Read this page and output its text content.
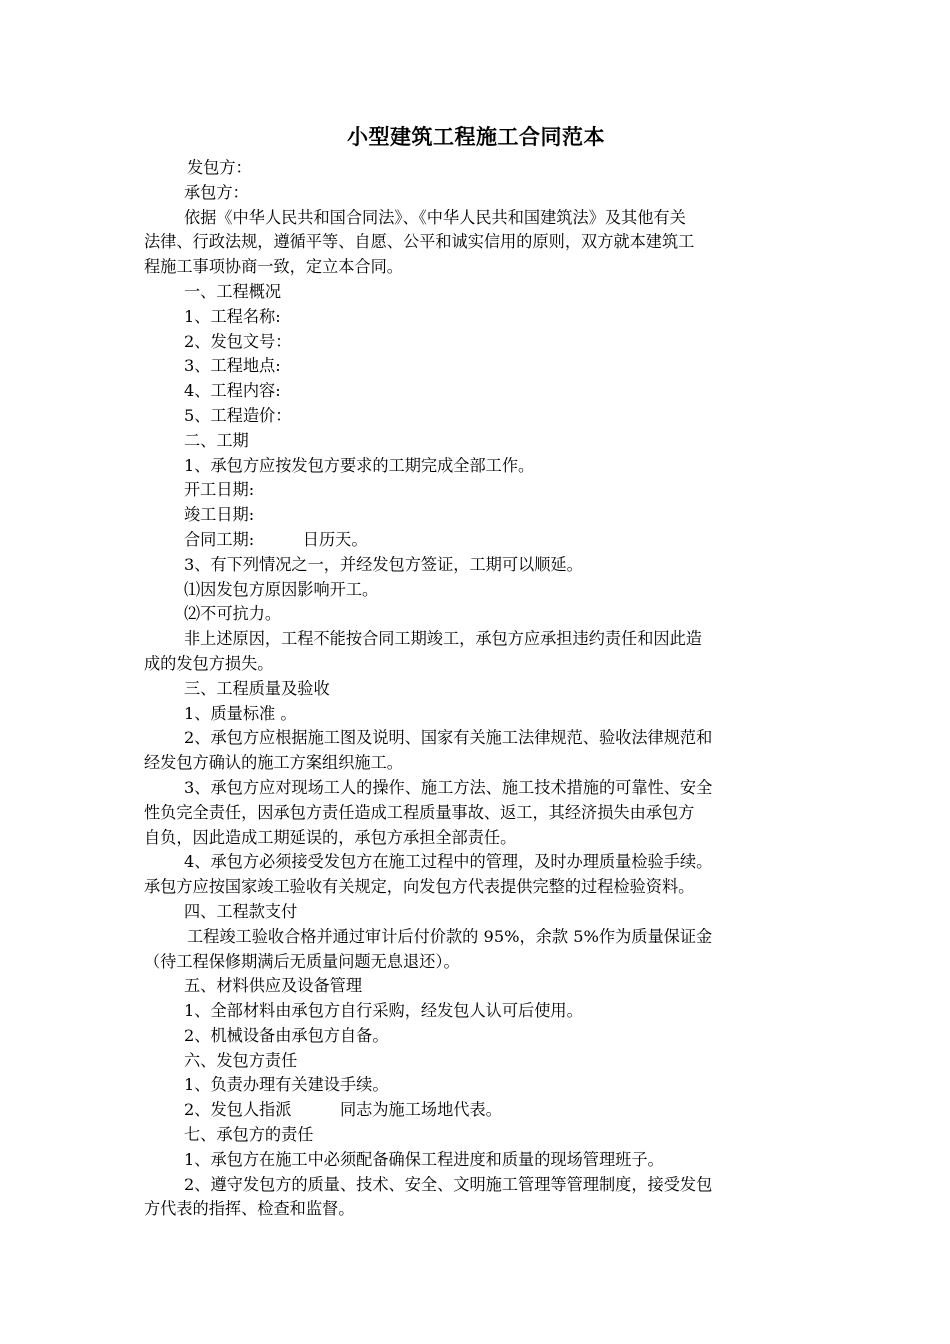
小型建筑工程施工合同范本
发包方：
承包方：
依据《中华人民共和国合同法》、《中华人民共和国建筑法》及其他有关
法律、行政法规，遵循平等、自愿、公平和诚实信用的原则，双方就本建筑工
程施工事项协商一致，定立本合同。
一、工程概况
1、工程名称:
2、发包文号：
3、工程地点:
4、工程内容:
5、工程造价：
二、工期
1、承包方应按发包方要求的工期完成全部工作。
开工日期:
竣工日期:
合同工期:　　　日历天。
3、有下列情况之一，并经发包方签证，工期可以顺延。
⑴因发包方原因影响开工。
⑵不可抗力。
非上述原因，工程不能按合同工期竣工，承包方应承担违约责任和因此造
成的发包方损失。
三、工程质量及验收
1、质量标准 。
2、承包方应根据施工图及说明、国家有关施工法律规范、验收法律规范和
经发包方确认的施工方案组织施工。
3、承包方应对现场工人的操作、施工方法、施工技术措施的可靠性、安全
性负完全责任，因承包方责任造成工程质量事故、返工，其经济损失由承包方
自负，因此造成工期延误的，承包方承担全部责任。
4、承包方必须接受发包方在施工过程中的管理，及时办理质量检验手续。
承包方应按国家竣工验收有关规定，向发包方代表提供完整的过程检验资料。
四、工程款支付
工程竣工验收合格并通过审计后付价款的 95%，余款 5%作为质量保证金
（待工程保修期满后无质量问题无息退还）。
五、材料供应及设备管理
1、全部材料由承包方自行采购，经发包人认可后使用。
2、机械设备由承包方自备。
六、发包方责任
1、负责办理有关建设手续。
2、发包人指派　　　同志为施工场地代表。
七、承包方的责任
1、承包方在施工中必须配备确保工程进度和质量的现场管理班子。
2、遵守发包方的质量、技术、安全、文明施工管理等管理制度，接受发包
方代表的指挥、检查和监督。
